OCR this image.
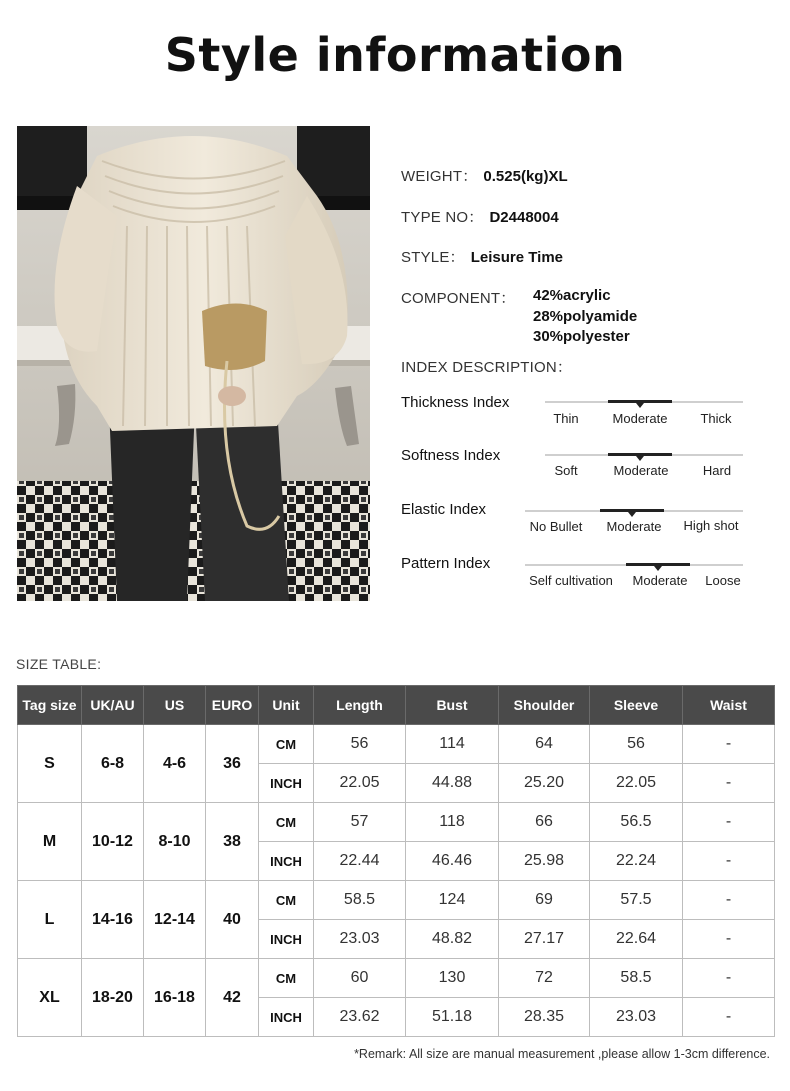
Style information
WEIGHT： 0.525(kg)XL
TYPE NO： D2448004
STYLE： Leisure Time
COMPONENT： 42%acrylic
28%polyamide
30%polyester
INDEX DESCRIPTION：
Thickness Index
Thin	Moderate	Thick
Softness Index
Soft	Moderate	Hard
Elastic Index
No Bullet Moderate High shot
Pattern Index
Self cultivation Moderate Loose
SIZE TABLE:
Tag size	UK/AU	US	EURO	Unit	Length	Bust	Shoulder	Sleeve	Waist
S	6-8	4-6	36	CM	56	114	64	56	-
				INCH	22.05	44.88	25.20	22.05	-
M	10-12	8-10	38	CM	57	118	66	56.5	-
				INCH	22.44	46.46	25.98	22.24	-
L	14-16	12-14	40	CM	58.5	124	69	57.5	-
				INCH	23.03	48.82	27.17	22.64	-
XL	18-20	16-18	42	CM	60	130	72	58.5	-
				INCH	23.62	51.18	28.35	23.03	-
*Remark: All size are manual measurement ,please allow 1-3cm difference.
